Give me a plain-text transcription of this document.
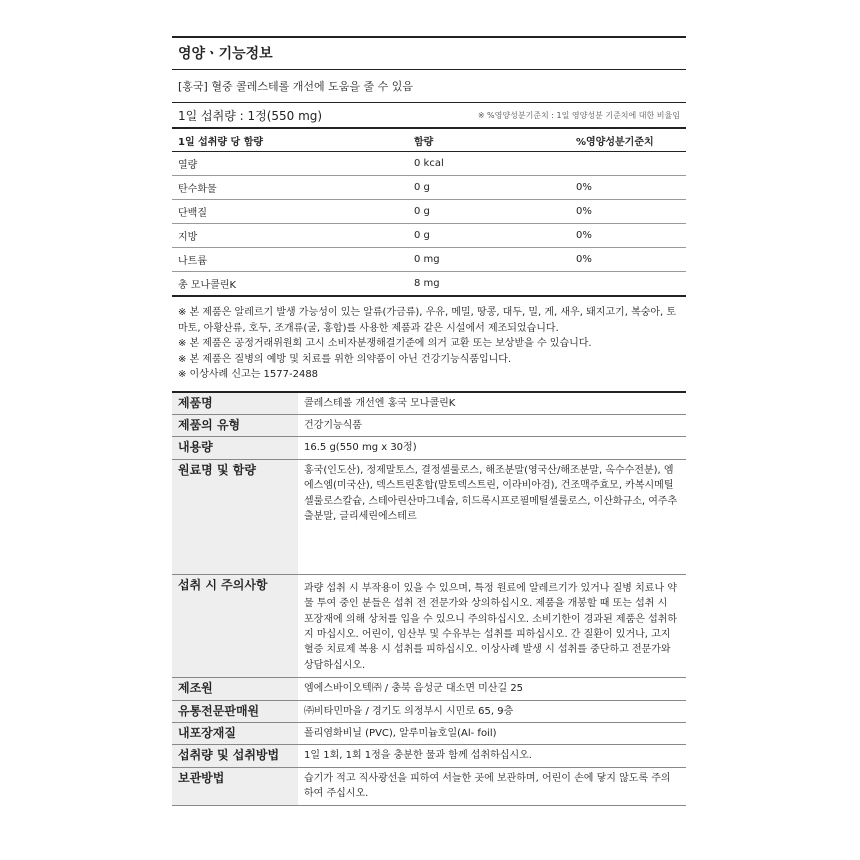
영양ㆍ기능정보
[홍국] 혈중 콜레스테롤 개선에 도움을 줄 수 있음
1일 섭취량 : 1정(550 mg)	※ %영양성분기준치 : 1일 영양성분 기준치에 대한 비율임
1일 섭취량 당 함량	함량	%영양성분기준치
열량	0 kcal	
탄수화물	0 g	0%
단백질	0 g	0%
지방	0 g	0%
나트륨	0 mg	0%
총 모나콜린K	8 mg	
※ 본 제품은 알레르기 발생 가능성이 있는 알류(가금류), 우유, 메밀, 땅콩, 대두, 밀, 게, 새우, 돼지고기, 복숭아, 토마토, 아황산류, 호두, 조개류(굴, 홍합)를 사용한 제품과 같은 시설에서 제조되었습니다.
※ 본 제품은 공정거래위원회 고시 소비자분쟁해결기준에 의거 교환 또는 보상받을 수 있습니다.
※ 본 제품은 질병의 예방 및 치료를 위한 의약품이 아닌 건강기능식품입니다.
※ 이상사례 신고는 1577-2488
제품명	콜레스테롤 개선엔 홍국 모나콜린K
제품의 유형	건강기능식품
내용량	16.5 g(550 mg x 30정)
원료명 및 함량	홍국(인도산), 정제말토스, 결정셀룰로스, 해조분말(영국산/해조분말, 옥수수전분), 엠에스엠(미국산), 덱스트린혼합(말토덱스트린, 이라비아검), 건조맥주효모, 카복시메틸셀룰로스칼슘, 스테아린산마그네슘, 히드록시프로필메틸셀룰로스, 이산화규소, 여주추출분말, 글리세린에스테르
섭취 시 주의사항	과량 섭취 시 부작용이 있을 수 있으며, 특정 원료에 알레르기가 있거나 질병 치료나 약물 투여 중인 분들은 섭취 전 전문가와 상의하십시오. 제품을 개봉할 때 또는 섭취 시 포장재에 의해 상처를 입을 수 있으니 주의하십시오. 소비기한이 경과된 제품은 섭취하지 마십시오. 어린이, 임산부 및 수유부는 섭취를 피하십시오. 간 질환이 있거나, 고지혈증 치료제 복용 시 섭취를 피하십시오. 이상사례 발생 시 섭취를 중단하고 전문가와 상담하십시오.
제조원	엠에스바이오텍㈜ / 충북 음성군 대소면 미산길 25
유통전문판매원	㈜비타민마을 / 경기도 의정부시 시민로 65, 9층
내포장재질	폴리염화비닐 (PVC), 알루미늄호일(Al- foil)
섭취량 및 섭취방법	1일 1회, 1회 1정을 충분한 물과 함께 섭취하십시오.
보관방법	습기가 적고 직사광선을 피하여 서늘한 곳에 보관하며, 어린이 손에 닿지 않도록 주의하여 주십시오.
